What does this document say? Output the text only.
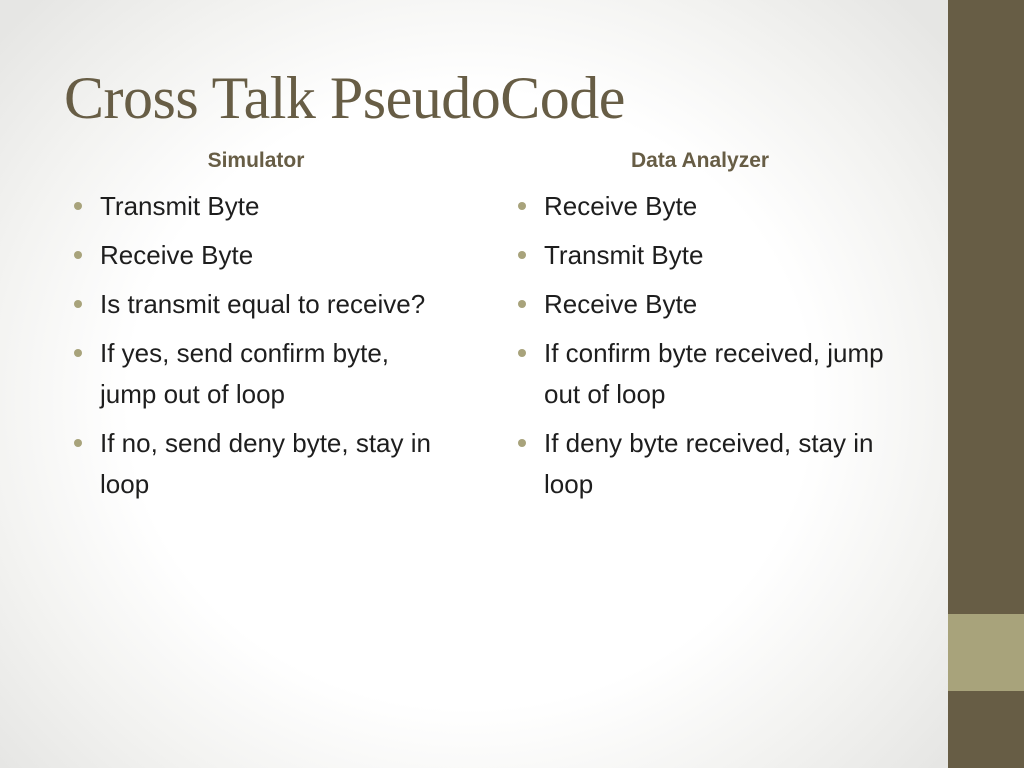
Cross Talk PseudoCode
Simulator
Transmit Byte
Receive Byte
Is transmit equal to receive?
If yes, send confirm byte, jump out of loop
If no, send deny byte, stay in loop
Data Analyzer
Receive Byte
Transmit Byte
Receive Byte
If confirm byte received, jump out of loop
If deny byte received, stay in loop
